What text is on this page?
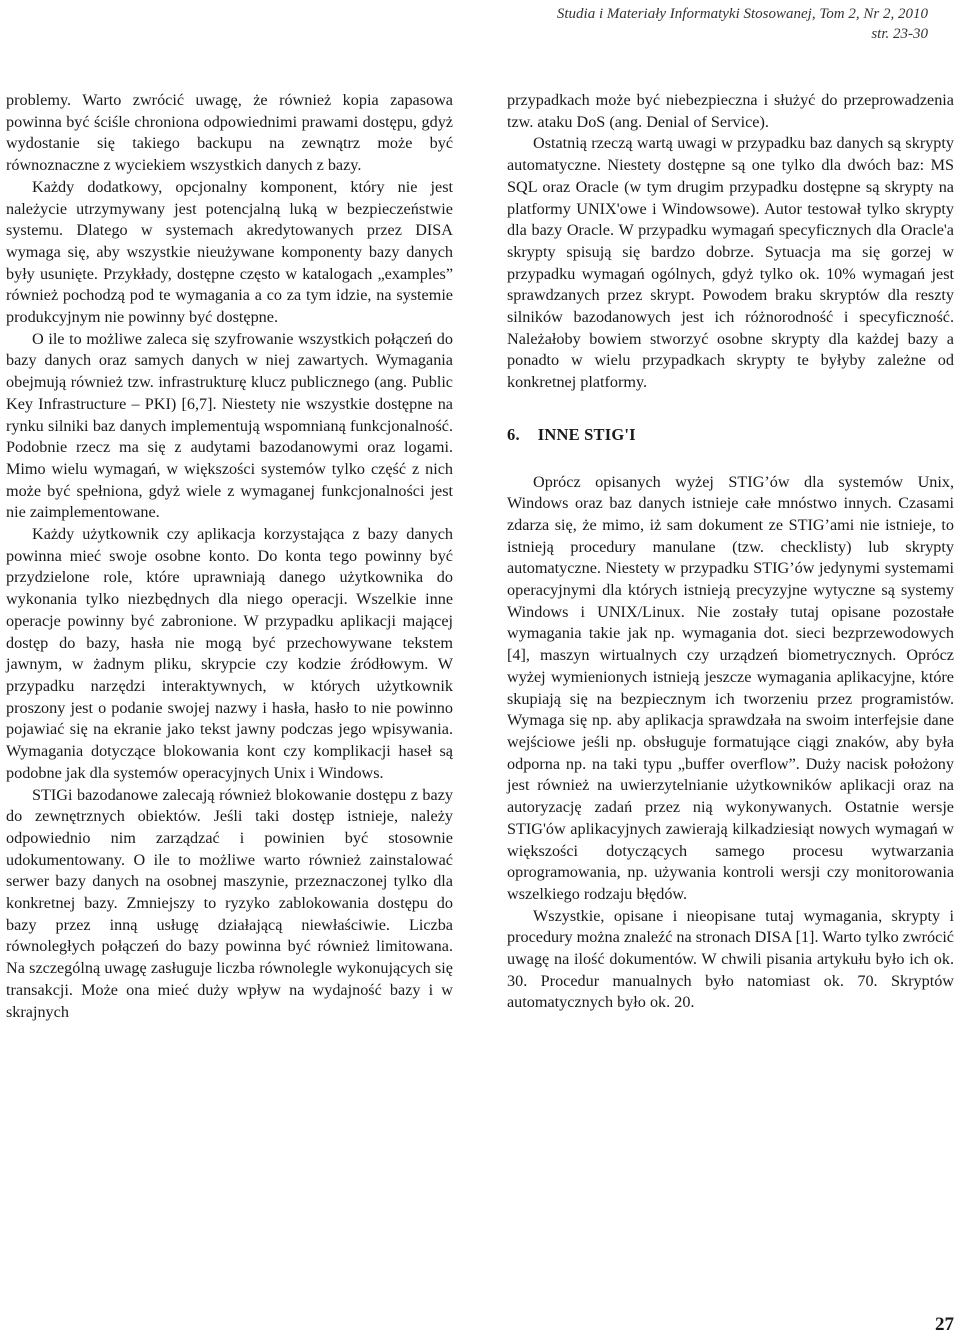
Studia i Materiały Informatyki Stosowanej, Tom 2, Nr 2, 2010
str. 23-30

problemy. Warto zwrócić uwagę, że również kopia zapasowa powinna być ściśle chroniona odpowiednimi prawami dostępu, gdyż wydostanie się takiego backupu na zewnątrz może być równoznaczne z wyciekiem wszystkich danych z bazy.

Każdy dodatkowy, opcjonalny komponent, który nie jest należycie utrzymywany jest potencjalną luką w bezpieczeństwie systemu. Dlatego w systemach akredytowanych przez DISA wymaga się, aby wszystkie nieużywane komponenty bazy danych były usunięte. Przykłady, dostępne często w katalogach „examples” również pochodzą pod te wymagania a co za tym idzie, na systemie produkcyjnym nie powinny być dostępne.

O ile to możliwe zaleca się szyfrowanie wszystkich połączeń do bazy danych oraz samych danych w niej zawartych. Wymagania obejmują również tzw. infrastrukturę klucz publicznego (ang. Public Key Infrastructure – PKI) [6,7]. Niestety nie wszystkie dostępne na rynku silniki baz danych implementują wspomnianą funkcjonalność. Podobnie rzecz ma się z audytami bazodanowymi oraz logami. Mimo wielu wymagań, w większości systemów tylko część z nich może być spełniona, gdyż wiele z wymaganej funkcjonalności jest nie zaimplementowane.

Każdy użytkownik czy aplikacja korzystająca z bazy danych powinna mieć swoje osobne konto. Do konta tego powinny być przydzielone role, które uprawniają danego użytkownika do wykonania tylko niezbędnych dla niego operacji. Wszelkie inne operacje powinny być zabronione. W przypadku aplikacji mającej dostęp do bazy, hasła nie mogą być przechowywane tekstem jawnym, w żadnym pliku, skrypcie czy kodzie źródłowym. W przypadku narzędzi interaktywnych, w których użytkownik proszony jest o podanie swojej nazwy i hasła, hasło to nie powinno pojawiać się na ekranie jako tekst jawny podczas jego wpisywania. Wymagania dotyczące blokowania kont czy komplikacji haseł są podobne jak dla systemów operacyjnych Unix i Windows.

STIGi bazodanowe zalecają również blokowanie dostępu z bazy do zewnętrznych obiektów. Jeśli taki dostęp istnieje, należy odpowiednio nim zarządzać i powinien być stosownie udokumentowany. O ile to możliwe warto również zainstalować serwer bazy danych na osobnej maszynie, przeznaczonej tylko dla konkretnej bazy. Zmniejszy to ryzyko zablokowania dostępu do bazy przez inną usługę działającą niewłaściwie. Liczba równoległych połączeń do bazy powinna być również limitowana. Na szczególną uwagę zasługuje liczba równolegle wykonujących się transakcji. Może ona mieć duży wpływ na wydajność bazy i w skrajnych

przypadkach może być niebezpieczna i służyć do przeprowadzenia tzw. ataku DoS (ang. Denial of Service).

Ostatnią rzeczą wartą uwagi w przypadku baz danych są skrypty automatyczne. Niestety dostępne są one tylko dla dwóch baz: MS SQL oraz Oracle (w tym drugim przypadku dostępne są skrypty na platformy UNIX'owe i Windowsowe). Autor testował tylko skrypty dla bazy Oracle. W przypadku wymagań specyficznych dla Oracle'a skrypty spisują się bardzo dobrze. Sytuacja ma się gorzej w przypadku wymagań ogólnych, gdyż tylko ok. 10% wymagań jest sprawdzanych przez skrypt. Powodem braku skryptów dla reszty silników bazodanowych jest ich różnorodność i specyficzność. Należałoby bowiem stworzyć osobne skrypty dla każdej bazy a ponadto w wielu przypadkach skrypty te byłyby zależne od konkretnej platformy.

6. INNE STIG'I

Oprócz opisanych wyżej STIG’ów dla systemów Unix, Windows oraz baz danych istnieje całe mnóstwo innych. Czasami zdarza się, że mimo, iż sam dokument ze STIG’ami nie istnieje, to istnieją procedury manulane (tzw. checklisty) lub skrypty automatyczne. Niestety w przypadku STIG’ów jedynymi systemami operacyjnymi dla których istnieją precyzyjne wytyczne są systemy Windows i UNIX/Linux. Nie zostały tutaj opisane pozostałe wymagania takie jak np. wymagania dot. sieci bezprzewodowych [4], maszyn wirtualnych czy urządzeń biometrycznych. Oprócz wyżej wymienionych istnieją jeszcze wymagania aplikacyjne, które skupiają się na bezpiecznym ich tworzeniu przez programistów. Wymaga się np. aby aplikacja sprawdzała na swoim interfejsie dane wejściowe jeśli np. obsługuje formatujące ciągi znaków, aby była odporna np. na taki typu „buffer overflow”. Duży nacisk położony jest również na uwierzytelnianie użytkowników aplikacji oraz na autoryzację zadań przez nią wykonywanych. Ostatnie wersje STIG'ów aplikacyjnych zawierają kilkadziesiąt nowych wymagań w większości dotyczących samego procesu wytwarzania oprogramowania, np. używania kontroli wersji czy monitorowania wszelkiego rodzaju błędów.

Wszystkie, opisane i nieopisane tutaj wymagania, skrypty i procedury można znaleźć na stronach DISA [1]. Warto tylko zwrócić uwagę na ilość dokumentów. W chwili pisania artykułu było ich ok. 30. Procedur manualnych było natomiast ok. 70. Skryptów automatycznych było ok. 20.

27
